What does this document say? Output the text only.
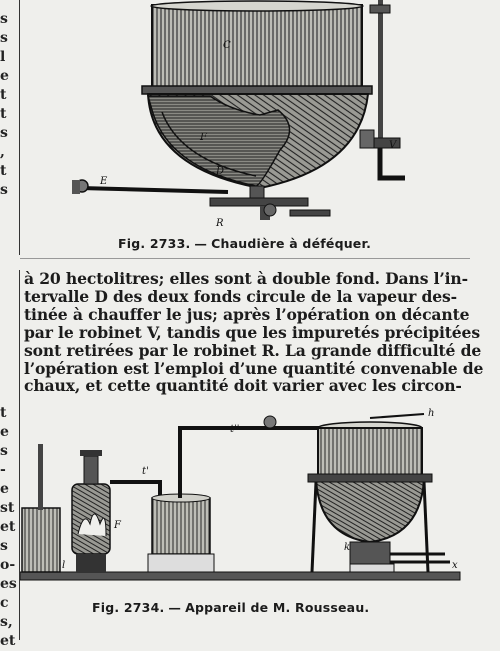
s
s
l
e
t
t
s
,
t
s
t
e
s
-
e
st
et
s
o-
es
c
s,
et
C
F
D
E
V
R
Fig. 2733. — Chaudière à déféquer.

à 20 hectolitres; elles sont à double fond. Dans l’in-
tervalle D des deux fonds circule de la vapeur des-
tinée à chauffer le jus; après l’opération on décante
par le robinet V, tandis que les impuretés précipitées
sont retirées par le robinet R. La grande difficulté de
l’opération est l’emploi d’une quantité convenable de
chaux, et cette quantité doit varier avec les circon-

h
t''
t'
F
k
l	x
Fig. 2734. — Appareil de M. Rousseau.
